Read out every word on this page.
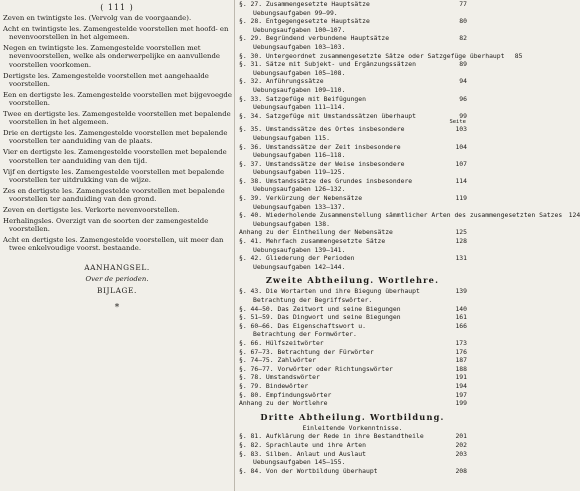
( 111 )
Zeven en twintigste les. (Vervolg van de voorgaande).
Acht en twintigste les. Zamengestelde voorstellen met hoofd- en nevenvoorstellen in het algemeen.
Negen en twintigste les. Zamengestelde voorstellen met nevenvoorstellen, welke als onderwerpelijke en aanvullende voorstellen voorkomen.
Dertigste les. Zamengestelde voorstellen met aangehaalde voorstellen.
Een en dertigste les. Zamengestelde voorstellen met bijgevoegde voorstellen.
Twee en dertigste les. Zamengestelde voorstellen met bepalende voorstellen in het algemeen.
Drie en dertigste les. Zamengestelde voorstellen met bepalende voorstellen ter aanduiding van de plaats.
Vier en dertigste les. Zamengestelde voorstellen met bepalende voorstellen ter aanduiding van den tijd.
Vijf en dertigste les. Zamengestelde voorstellen met bepalende voorstellen ter uitdrukking van de wijze.
Zes en dertigste les. Zamengestelde voorstellen met bepalende voorstellen ter aanduiding van den grond.
Zeven en dertigste les. Verkorte nevenvoorstellen.
Herhalingsles. Overzigt van de soorten der zamengestelde voorstellen.
Acht en dertigste les. Zamengestelde voorstellen, uit meer dan twee enkelvoudige voorst. bestaande.
AANHANGSEL.
Over de perioden.
BIJLAGE.
*
§. 27. Zusammengesetzte Hauptsätze	77
Uebungsaufgaben 99—99.
§. 28. Entgegengesetzte Hauptsätze	80
Uebungsaufgaben 100—107.
§. 29. Begründend verbundene Hauptsätze	82
Uebungsaufgaben 103—103.
§. 30. Untergeordnet zusammengesetzte Sätze oder Satzgefüge überhaupt	85
§. 31. Sätze mit Subjekt- und Ergänzungssätzen	89
Uebungsaufgaben 105—108.
§. 32. Anführungssätze	94
Uebungsaufgaben 109—110.
§. 33. Satzgefüge mit Beifügungen	96
Uebungsaufgaben 111—114.
§. 34. Satzgefüge mit Umstandssätzen überhaupt	99
Seite
§. 35. Umstandssätze des Ortes insbesondere	103
Uebungsaufgaben 115.
§. 36. Umstandssätze der Zeit insbesondere	104
Uebungsaufgaben 116—118.
§. 37. Umstandssätze der Weise insbesondere	107
Uebungsaufgaben 119—125.
§. 38. Umstandssätze des Grundes insbesondere	114
Uebungsaufgaben 126—132.
§. 39. Verkürzung der Nebensätze	119
Uebungsaufgaben 133—137.
§. 40. Wiederholende Zusammenstellung sämmtlicher Arten des zusammengesetzten Satzes	124
Uebungsaufgaben 138.
Anhang zu der Eintheilung der Nebensätze	125
§. 41. Mehrfach zusammengesetzte Sätze	128
Uebungsaufgaben 139—141.
§. 42. Gliederung der Perioden	131
Uebungsaufgaben 142—144.
Zweite Abtheilung. Wortlehre.
§. 43. Die Wortarten und ihre Biegung überhaupt	139
Betrachtung der Begriffswörter.
§. 44—50. Das Zeitwort und seine Biegungen	140
§. 51—59. Das Dingwort und seine Biegungen	161
§. 60—66. Das Eigenschaftswort u.	166
Betrachtung der Formwörter.
§. 66. Hülfszeitwörter	173
§. 67—73. Betrachtung der Fürwörter	176
§. 74—75. Zahlwörter	187
§. 76—77. Vorwörter oder Richtungswörter	188
§. 78. Umstandswörter	191
§. 79. Bindewörter	194
§. 80. Empfindungswörter	197
Anhang zu der Wortlehre	199
Dritte Abtheilung. Wortbildung.
Einleitende Vorkenntnisse.
§. 81. Aufklärung der Rede in ihre Bestandtheile	201
§. 82. Sprachlaute und ihre Arten	202
§. 83. Silben. Anlaut und Auslaut	203
Uebungsaufgaben 145—155.
§. 84. Von der Wortbildung überhaupt	208
